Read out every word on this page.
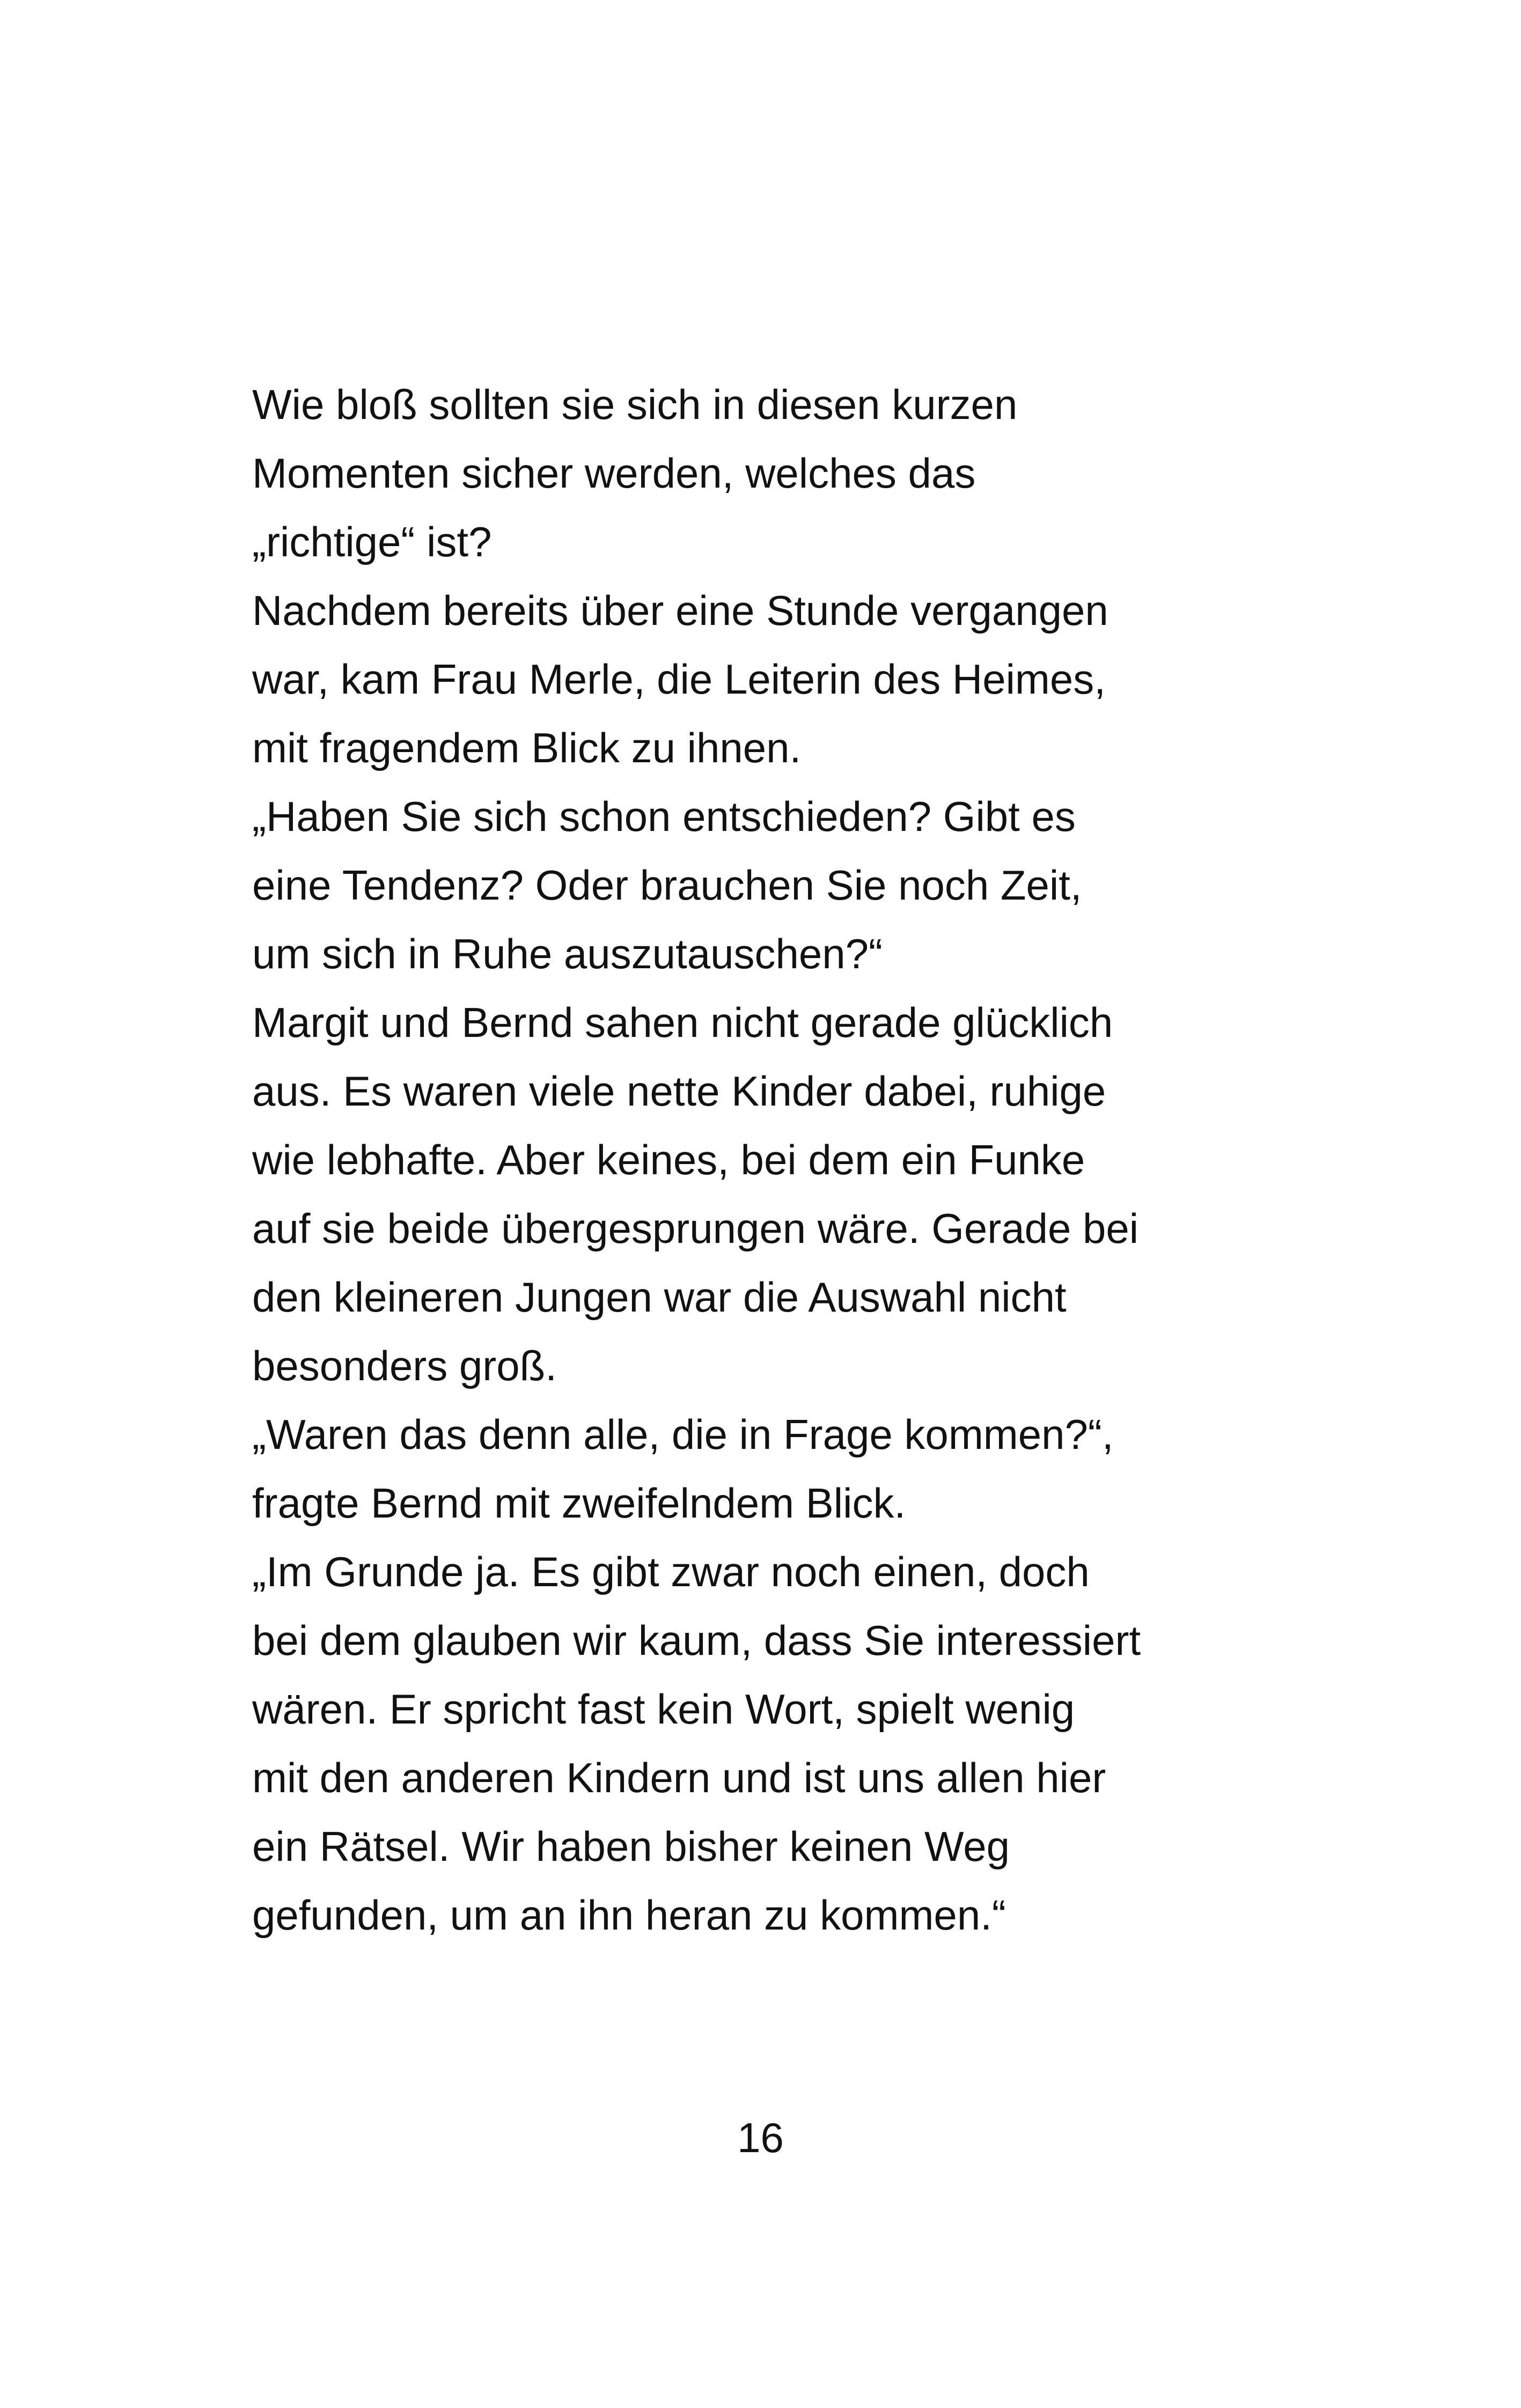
Wie bloß sollten sie sich in diesen kurzen
Momenten sicher werden, welches das
„richtige“ ist?
Nachdem bereits über eine Stunde vergangen
war, kam Frau Merle, die Leiterin des Heimes,
mit fragendem Blick zu ihnen.
„Haben Sie sich schon entschieden? Gibt es
eine Tendenz? Oder brauchen Sie noch Zeit,
um sich in Ruhe auszutauschen?“
Margit und Bernd sahen nicht gerade glücklich
aus. Es waren viele nette Kinder dabei, ruhige
wie lebhafte. Aber keines, bei dem ein Funke
auf sie beide übergesprungen wäre. Gerade bei
den kleineren Jungen war die Auswahl nicht
besonders groß.
„Waren das denn alle, die in Frage kommen?“,
fragte Bernd mit zweifelndem Blick.
„Im Grunde ja. Es gibt zwar noch einen, doch
bei dem glauben wir kaum, dass Sie interessiert
wären. Er spricht fast kein Wort, spielt wenig
mit den anderen Kindern und ist uns allen hier
ein Rätsel. Wir haben bisher keinen Weg
gefunden, um an ihn heran zu kommen.“
16
